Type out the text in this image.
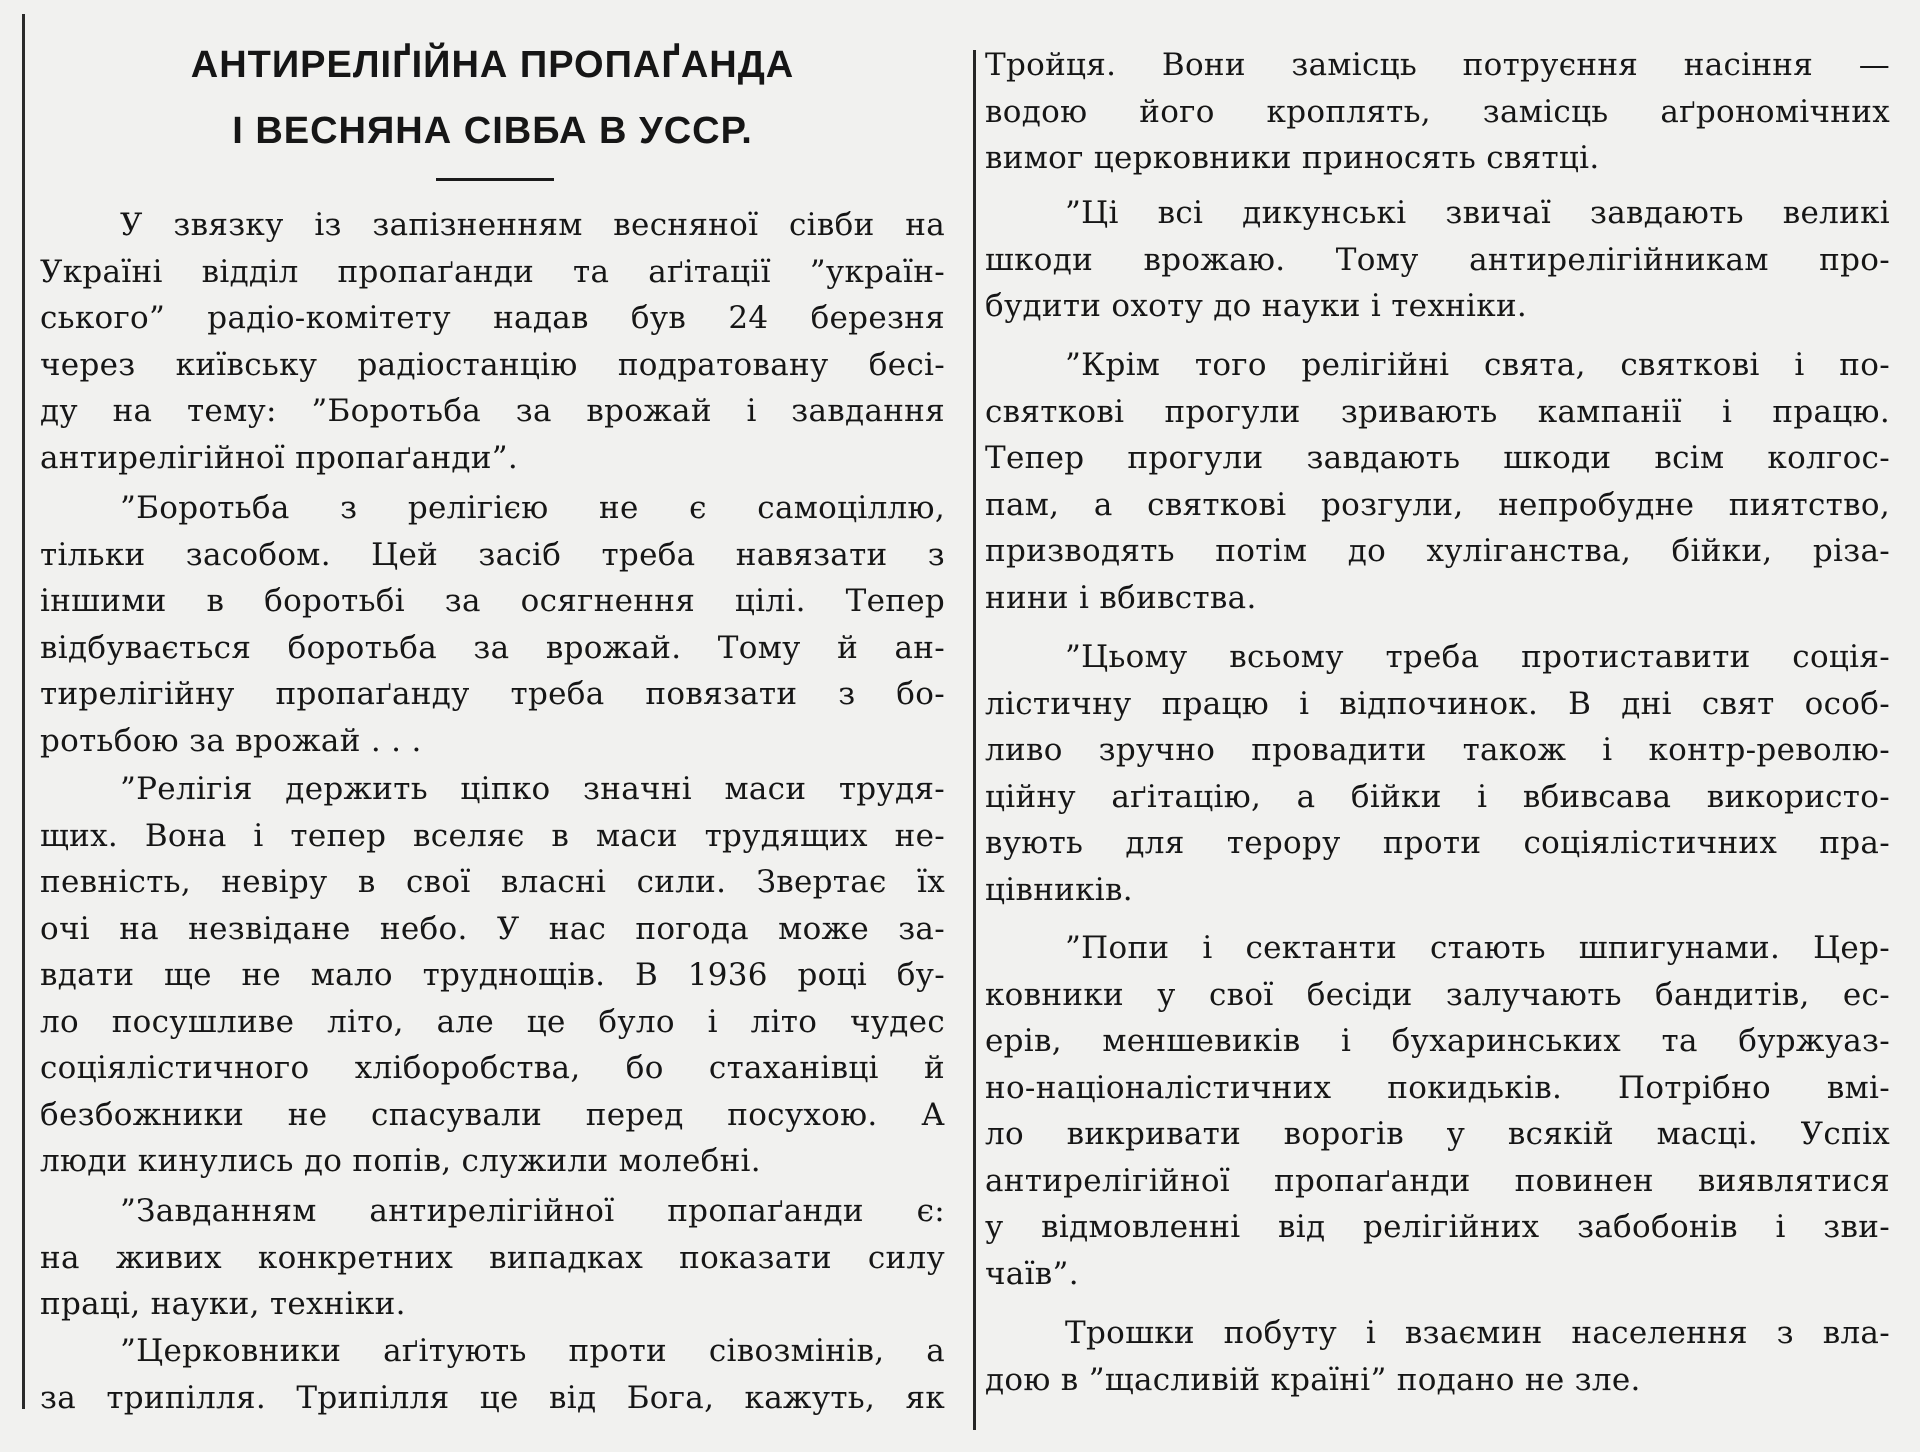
АНТИРЕЛІҐІЙНА ПРОПАҐАНДА
І ВЕСНЯНА СІВБА В УССР.
У звязку із запізненням весняної сівби на
Україні відділ пропаґанди та аґітації ”україн-
ського” радіо-комітету надав був 24 березня
через київську радіостанцію подратовану бесі-
ду на тему: ”Боротьба за врожай і завдання
антирелігійної пропаґанди”.
”Боротьба з релігією не є самоціллю,
тільки засобом. Цей засіб треба навязати з
іншими в боротьбі за осягнення цілі. Тепер
відбувається боротьба за врожай. Тому й ан-
тирелігійну пропаґанду треба повязати з бо-
ротьбою за врожай . . .
”Релігія держить ціпко значні маси трудя-
щих. Вона і тепер вселяє в маси трудящих не-
певність, невіру в свої власні сили. Звертає їх
очі на незвідане небо. У нас погода може за-
вдати ще не мало труднощів. В 1936 році бу-
ло посушливе літо, але це було і літо чудес
соціялістичного хліборобства, бо стаханівці й
безбожники не спасували перед посухою. А
люди кинулись до попів, служили молебні.
”Завданням антирелігійної пропаґанди є:
на живих конкретних випадках показати силу
праці, науки, техніки.
”Церковники аґітують проти сівозмінів, а
за трипілля. Трипілля це від Бога, кажуть, як
Тройця. Вони замісць потруєння насіння —
водою його кроплять, замісць аґрономічних
вимог церковники приносять святці.
”Ці всі дикунські звичаї завдають великі
шкоди врожаю. Тому антирелігійникам про-
будити охоту до науки і техніки.
”Крім того релігійні свята, святкові і по-
святкові прогули зривають кампанії і працю.
Тепер прогули завдають шкоди всім колгос-
пам, а святкові розгули, непробудне пиятство,
призводять потім до хуліганства, бійки, різа-
нини і вбивства.
”Цьому всьому треба протиставити соція-
лістичну працю і відпочинок. В дні свят особ-
ливо зручно провадити також і контр-револю-
ційну аґітацію, а бійки і вбивсава використо-
вують для терору проти соціялістичних пра-
цівників.
”Попи і сектанти стають шпигунами. Цер-
ковники у свої бесіди залучають бандитів, ес-
ерів, меншевиків і бухаринських та буржуаз-
но-націоналістичних покидьків. Потрібно вмі-
ло викривати ворогів у всякій масці. Успіх
антирелігійної пропаґанди повинен виявлятися
у відмовленні від релігійних забобонів і зви-
чаїв”.
Трошки побуту і взаємин населення з вла-
дою в ”щасливій країні” подано не зле.
